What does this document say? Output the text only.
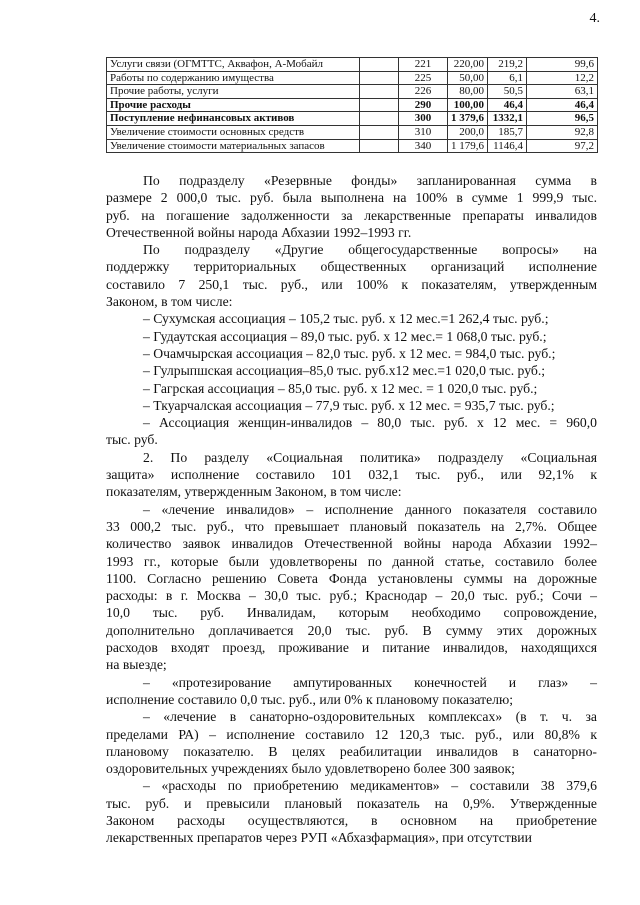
4.
Услуги связи (ОГМТТС, Аквафон, А-Мобайл		221	220,00	219,2	99,6
Работы по содержанию имущества		225	50,00	6,1	12,2
Прочие работы, услуги		226	80,00	50,5	63,1
Прочие расходы		290	100,00	46,4	46,4
Поступление нефинансовых активов		300	1 379,6	1332,1	96,5
Увеличение стоимости основных средств		310	200,0	185,7	92,8
Увеличение стоимости материальных запасов		340	1 179,6	1146,4	97,2
По подразделу «Резервные фонды» запланированная сумма в
размере 2 000,0 тыс. руб. была выполнена на 100% в сумме 1 999,9 тыс.
руб. на погашение задолженности за лекарственные препараты инвалидов
Отечественной войны народа Абхазии 1992–1993 гг.
По подразделу «Другие общегосударственные вопросы» на
поддержку территориальных общественных организаций исполнение
составило 7 250,1 тыс. руб., или 100% к показателям, утвержденным
Законом, в том числе:
– Сухумская ассоциация – 105,2 тыс. руб. х 12 мес.=1 262,4 тыс. руб.;
– Гудаутская ассоциация – 89,0 тыс. руб. х 12 мес.= 1 068,0 тыс. руб.;
– Очамчырская ассоциация – 82,0 тыс. руб. х 12 мес. = 984,0 тыс. руб.;
– Гулрыпшская ассоциация–85,0 тыс. руб.х12 мес.=1 020,0 тыс. руб.;
– Гагрская ассоциация – 85,0 тыс. руб. х 12 мес. = 1 020,0 тыс. руб.;
– Ткуарчалская ассоциация – 77,9 тыс. руб. х 12 мес. = 935,7 тыс. руб.;
– Ассоциация женщин-инвалидов – 80,0 тыс. руб. х 12 мес. = 960,0
тыс. руб.
2. По разделу «Социальная политика» подразделу «Социальная
защита» исполнение составило 101 032,1 тыс. руб., или 92,1% к
показателям, утвержденным Законом, в том числе:
– «лечение инвалидов» – исполнение данного показателя составило
33 000,2 тыс. руб., что превышает плановый показатель на 2,7%. Общее
количество заявок инвалидов Отечественной войны народа Абхазии 1992–
1993 гг., которые были удовлетворены по данной статье, составило более
1100. Согласно решению Совета Фонда установлены суммы на дорожные
расходы: в г. Москва – 30,0 тыс. руб.; Краснодар – 20,0 тыс. руб.; Сочи –
10,0 тыс. руб. Инвалидам, которым необходимо сопровождение,
дополнительно доплачивается 20,0 тыс. руб. В сумму этих дорожных
расходов входят проезд, проживание и питание инвалидов, находящихся
на выезде;
– «протезирование ампутированных конечностей и глаз» –
исполнение составило 0,0 тыс. руб., или 0% к плановому показателю;
– «лечение в санаторно-оздоровительных комплексах» (в т. ч. за
пределами РА) – исполнение составило 12 120,3 тыс. руб., или 80,8% к
плановому показателю. В целях реабилитации инвалидов в санаторно-
оздоровительных учреждениях было удовлетворено более 300 заявок;
– «расходы по приобретению медикаментов» – составили 38 379,6
тыс. руб. и превысили плановый показатель на 0,9%. Утвержденные
Законом расходы осуществляются, в основном на приобретение
лекарственных препаратов через РУП «Абхазфармация», при отсутствии
